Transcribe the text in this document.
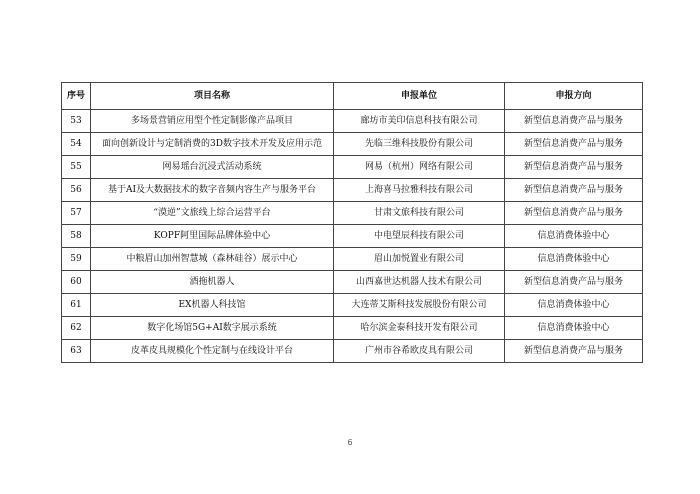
序号	项目名称	申报单位	申报方向
53	多场景营销应用型个性定制影像产品项目	廊坊市美印信息科技有限公司	新型信息消费产品与服务
54	面向创新设计与定制消费的3D数字技术开发及应用示范	先临三维科技股份有限公司	新型信息消费产品与服务
55	网易瑶台沉浸式活动系统	网易（杭州）网络有限公司	新型信息消费产品与服务
56	基于AI及大数据技术的数字音频内容生产与服务平台	上海喜马拉雅科技有限公司	新型信息消费产品与服务
57	“漠逆”文旅线上综合运营平台	甘肃文旅科技有限公司	新型信息消费产品与服务
58	KOPF阿里国际品牌体验中心	中电望辰科技有限公司	信息消费体验中心
59	中粮眉山加州智慧城（森林硅谷）展示中心	眉山加悦置业有限公司	信息消费体验中心
60	酒拖机器人	山西嘉世达机器人技术有限公司	新型信息消费产品与服务
61	EX机器人科技馆	大连蒂艾斯科技发展股份有限公司	信息消费体验中心
62	数字化场馆5G+AI数字展示系统	哈尔滨金泰科技开发有限公司	信息消费体验中心
63	皮革皮具规模化个性定制与在线设计平台	广州市谷希欧皮具有限公司	新型信息消费产品与服务
6
